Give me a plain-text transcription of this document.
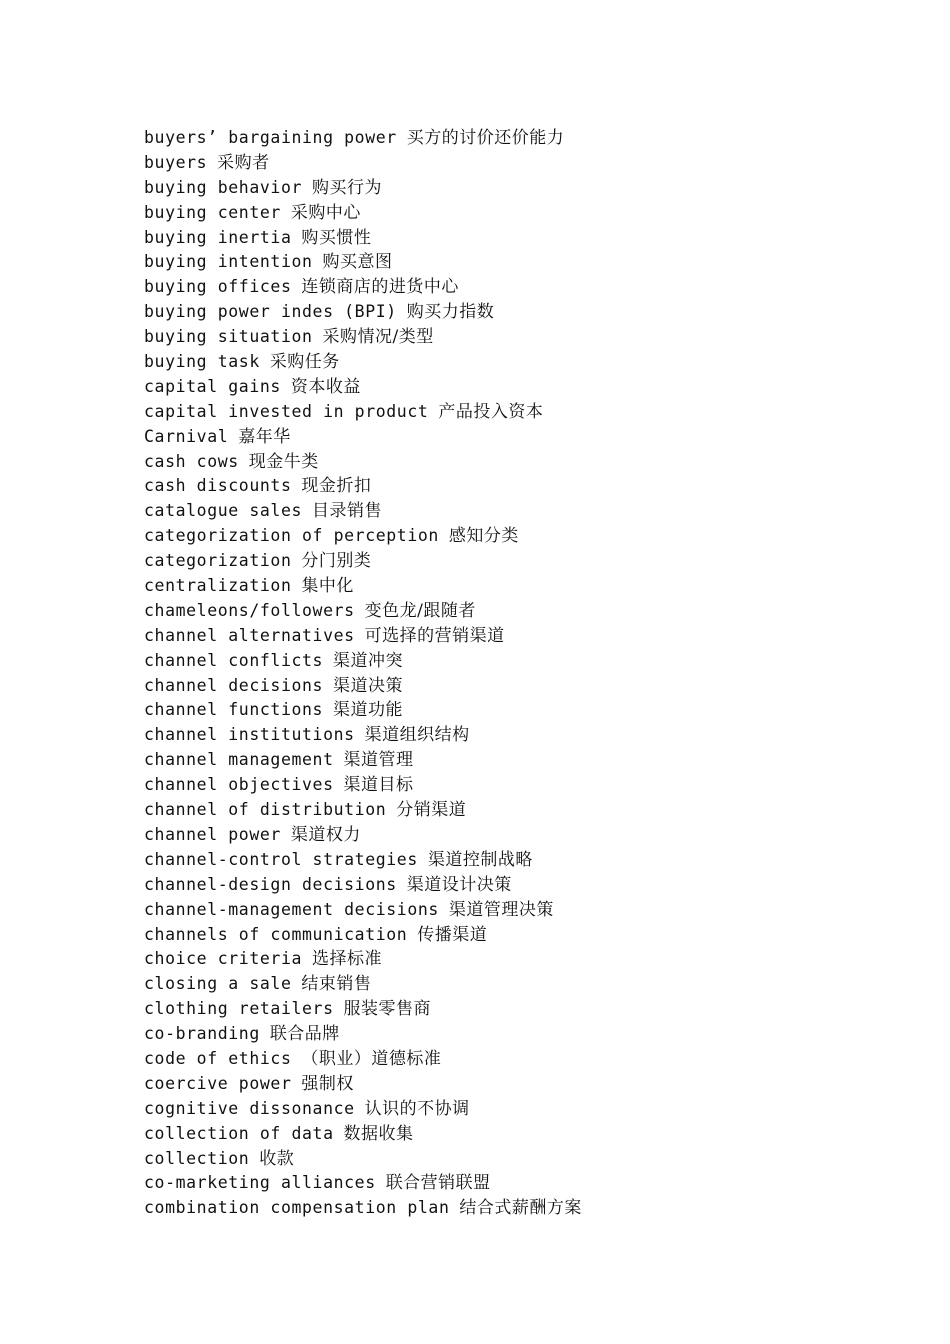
buyers’ bargaining power 买方的讨价还价能力
buyers 采购者
buying behavior 购买行为
buying center 采购中心
buying inertia 购买惯性
buying intention 购买意图
buying offices 连锁商店的进货中心
buying power indes (BPI) 购买力指数
buying situation 采购情况/类型
buying task 采购任务
capital gains 资本收益
capital invested in product 产品投入资本
Carnival 嘉年华
cash cows 现金牛类
cash discounts 现金折扣
catalogue sales 目录销售
categorization of perception 感知分类
categorization 分门别类
centralization 集中化
chameleons/followers 变色龙/跟随者
channel alternatives 可选择的营销渠道
channel conflicts 渠道冲突
channel decisions 渠道决策
channel functions 渠道功能
channel institutions 渠道组织结构
channel management 渠道管理
channel objectives 渠道目标
channel of distribution 分销渠道
channel power 渠道权力
channel-control strategies 渠道控制战略
channel-design decisions 渠道设计决策
channel-management decisions 渠道管理决策
channels of communication 传播渠道
choice criteria 选择标准
closing a sale 结束销售
clothing retailers 服装零售商
co-branding 联合品牌
code of ethics （职业）道德标准
coercive power 强制权
cognitive dissonance 认识的不协调
collection of data 数据收集
collection 收款
co-marketing alliances 联合营销联盟
combination compensation plan 结合式薪酬方案
